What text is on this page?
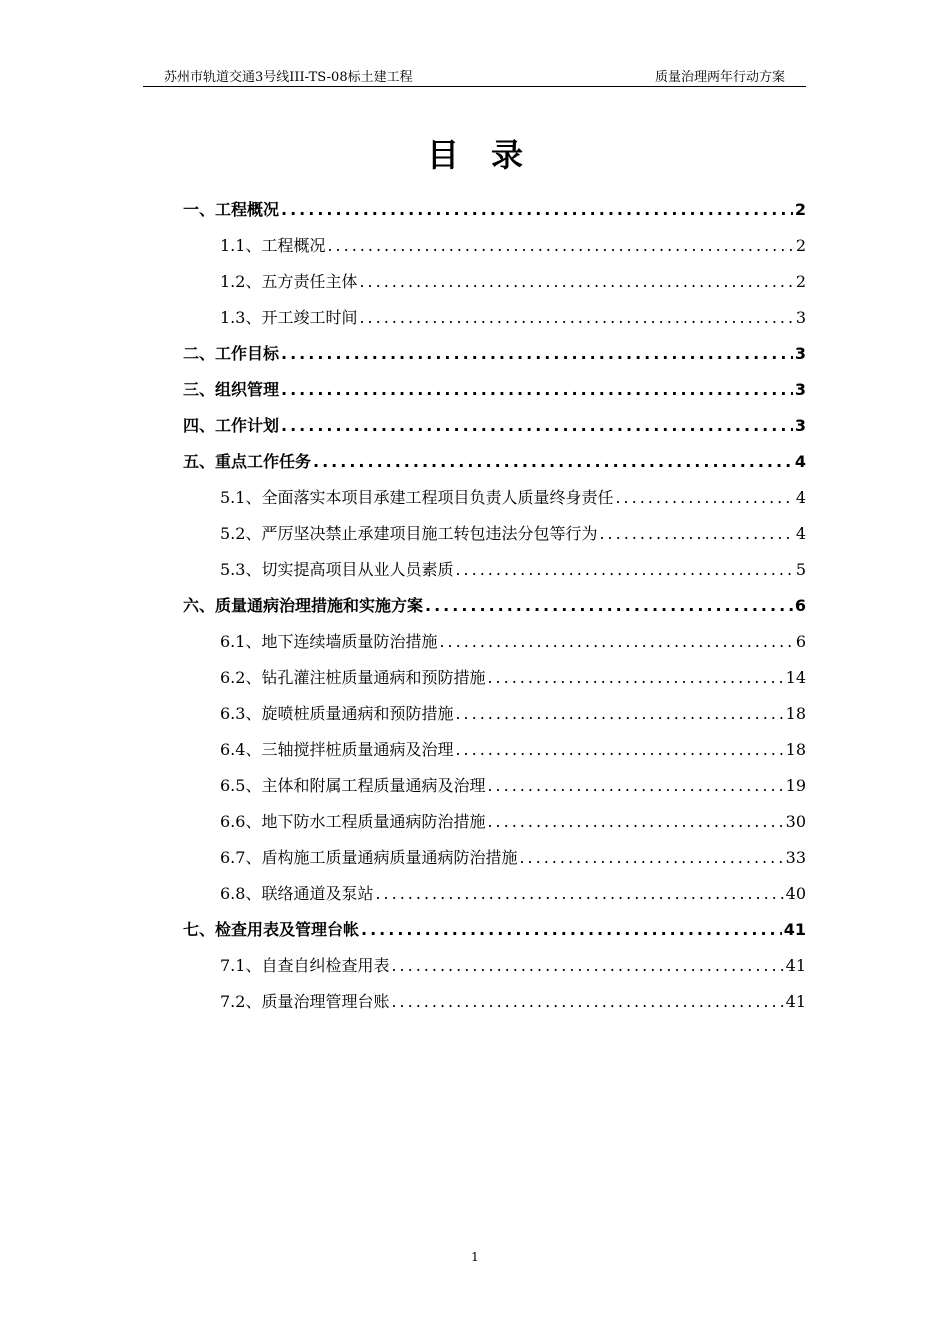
苏州市轨道交通3号线III-TS-08标土建工程	质量治理两年行动方案
目录
一、工程概况 .....	2
1.1、工程概况 .....	2
1.2、五方责任主体 .....	2
1.3、开工竣工时间 .....	3
二、工作目标 .....	3
三、组织管理 .....	3
四、工作计划 .....	3
五、重点工作任务 .....	4
5.1、全面落实本项目承建工程项目负责人质量终身责任 .....	4
5.2、严厉坚决禁止承建项目施工转包违法分包等行为 .....	4
5.3、切实提高项目从业人员素质 .....	5
六、质量通病治理措施和实施方案 .....	6
6.1、地下连续墙质量防治措施 .....	6
6.2、钻孔灌注桩质量通病和预防措施 .....	14
6.3、旋喷桩质量通病和预防措施 .....	18
6.4、三轴搅拌桩质量通病及治理 .....	18
6.5、主体和附属工程质量通病及治理 .....	19
6.6、地下防水工程质量通病防治措施 .....	30
6.7、盾构施工质量通病质量通病防治措施 .....	33
6.8、联络通道及泵站 .....	40
七、检查用表及管理台帐 .....	41
7.1、自查自纠检查用表 .....	41
7.2、质量治理管理台账 .....	41
1
